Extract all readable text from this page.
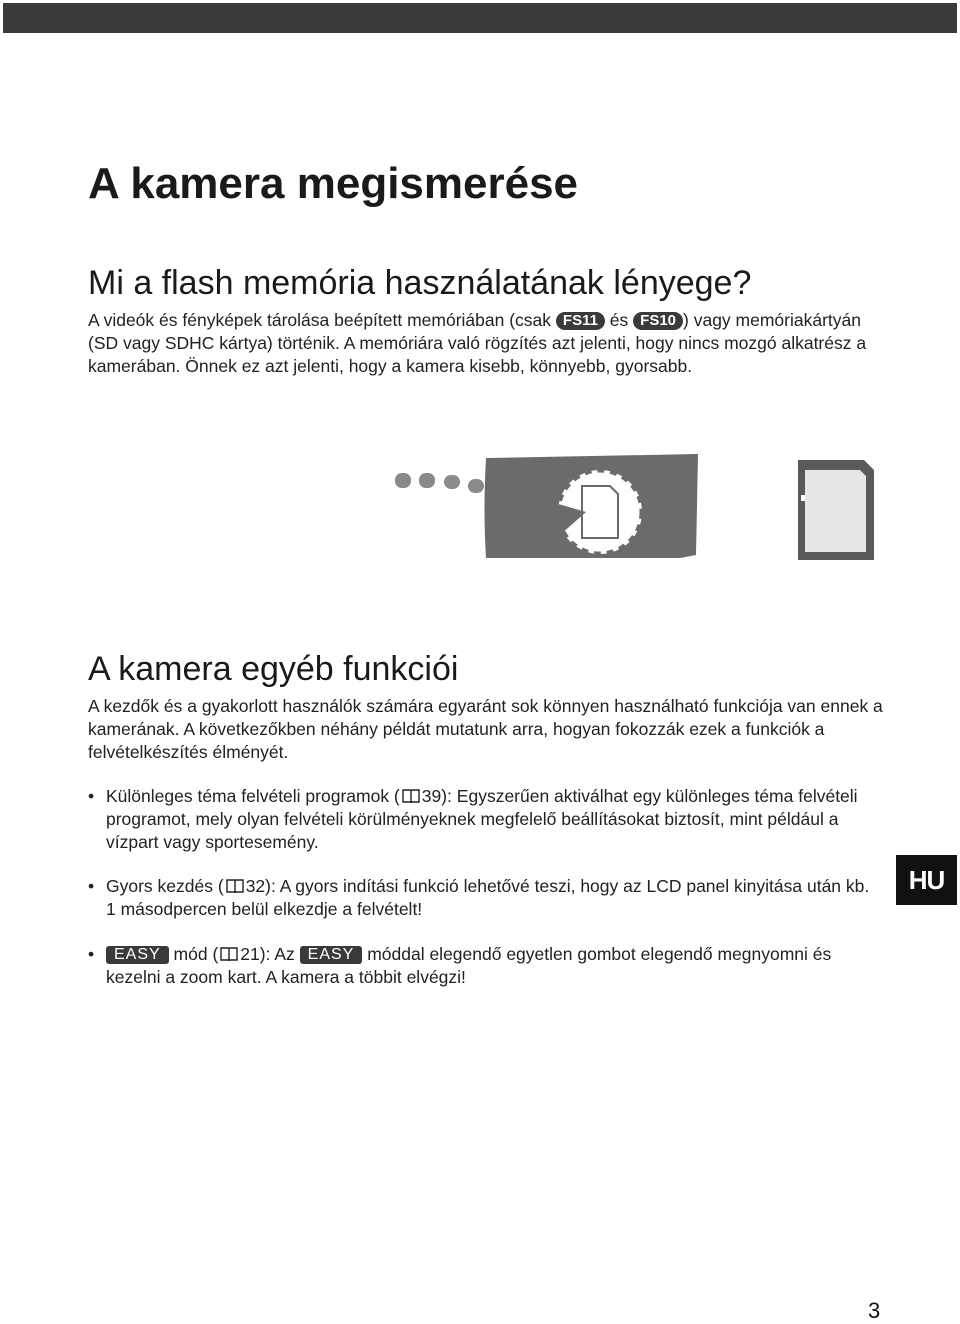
A kamera megismerése
Mi a flash memória használatának lényege?

A videók és fényképek tárolása beépített memóriában (csak FS11 és FS10 ) vagy memóriakártyán (SD vagy SDHC kártya) történik. A memóriára való rögzítés azt jelenti, hogy nincs mozgó alkatrész a kamerában. Önnek ez azt jelenti, hogy a kamera kisebb, könnyebb, gyorsabb.

A kamera egyéb funkciói

A kezdők és a gyakorlott használók számára egyaránt sok könnyen használható funkciója van ennek a kamerának. A következőkben néhány példát mutatunk arra, hogyan fokozzák ezek a funkciók a felvételkészítés élményét.

• Különleges téma felvételi programok ( 39): Egyszerűen aktiválhat egy különleges téma felvételi programot, mely olyan felvételi körülményeknek megfelelő beállításokat biztosít, mint például a vízpart vagy sportesemény.
• Gyors kezdés ( 32): A gyors indítási funkció lehetővé teszi, hogy az LCD panel kinyitása után kb. 1 másodpercen belül elkezdje a felvételt!
•	EASY mód ( 21): Az EASY móddal elegendő egyetlen gombot elegendő megnyomni és kezelni a zoom kart. A kamera a többit elvégzi!
HU
3
